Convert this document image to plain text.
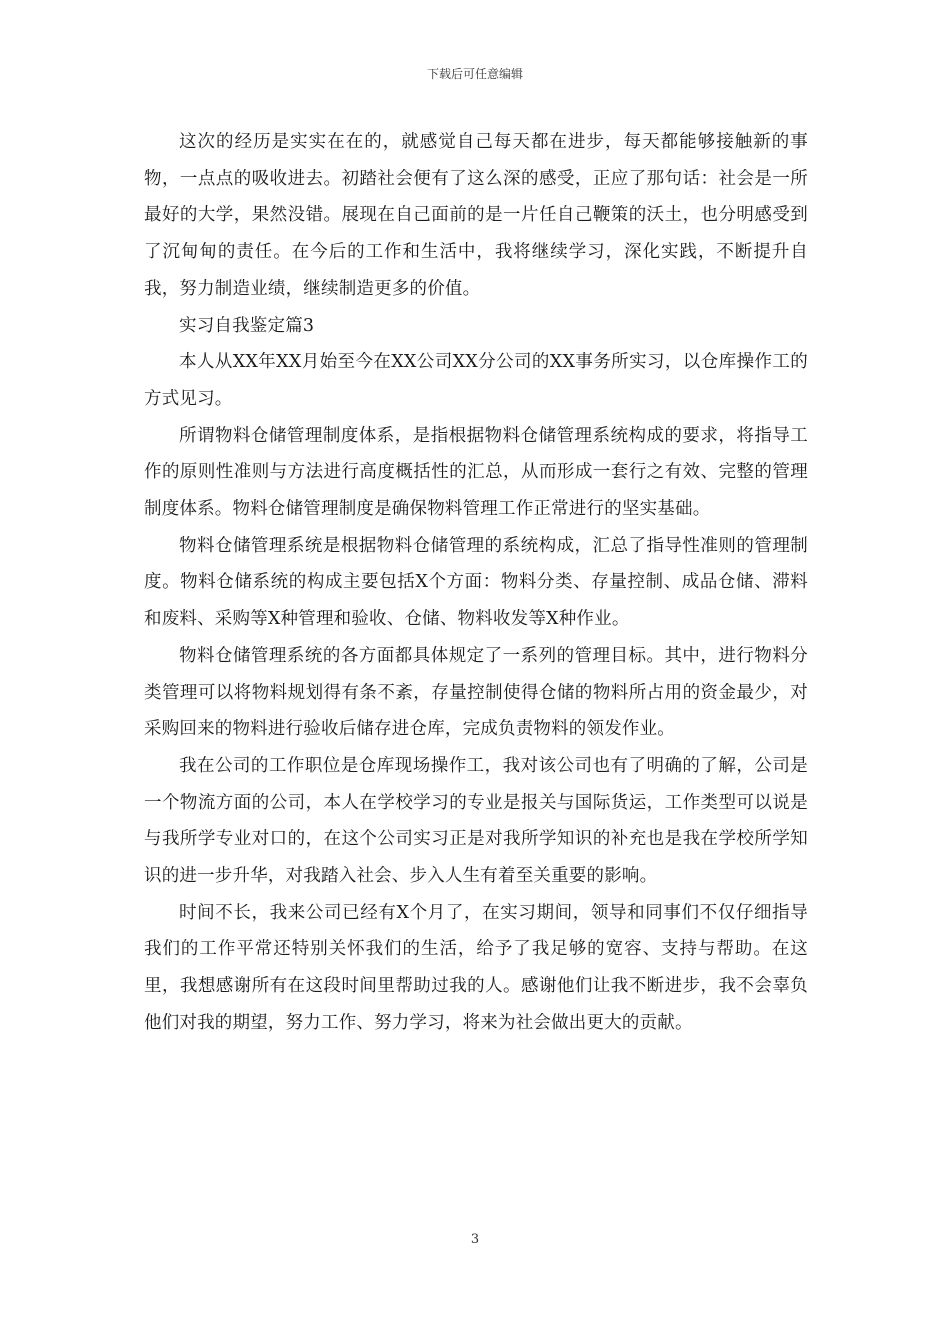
下载后可任意编辑

这次的经历是实实在在的，就感觉自己每天都在进步，每天都能够接触新的事物，一点点的吸收进去。初踏社会便有了这么深的感受，正应了那句话：社会是一所最好的大学，果然没错。展现在自己面前的是一片任自己鞭策的沃土，也分明感受到了沉甸甸的责任。在今后的工作和生活中，我将继续学习，深化实践，不断提升自我，努力制造业绩，继续制造更多的价值。

实习自我鉴定篇3

本人从XX年XX月始至今在XX公司XX分公司的XX事务所实习，以仓库操作工的方式见习。

所谓物料仓储管理制度体系，是指根据物料仓储管理系统构成的要求，将指导工作的原则性准则与方法进行高度概括性的汇总，从而形成一套行之有效、完整的管理制度体系。物料仓储管理制度是确保物料管理工作正常进行的坚实基础。

物料仓储管理系统是根据物料仓储管理的系统构成，汇总了指导性准则的管理制度。物料仓储系统的构成主要包括X个方面：物料分类、存量控制、成品仓储、滞料和废料、采购等X种管理和验收、仓储、物料收发等X种作业。

物料仓储管理系统的各方面都具体规定了一系列的管理目标。其中，进行物料分类管理可以将物料规划得有条不紊，存量控制使得仓储的物料所占用的资金最少，对采购回来的物料进行验收后储存进仓库，完成负责物料的领发作业。

我在公司的工作职位是仓库现场操作工，我对该公司也有了明确的了解，公司是一个物流方面的公司，本人在学校学习的专业是报关与国际货运，工作类型可以说是与我所学专业对口的，在这个公司实习正是对我所学知识的补充也是我在学校所学知识的进一步升华，对我踏入社会、步入人生有着至关重要的影响。

时间不长，我来公司已经有X个月了，在实习期间，领导和同事们不仅仔细指导我们的工作平常还特别关怀我们的生活，给予了我足够的宽容、支持与帮助。在这里，我想感谢所有在这段时间里帮助过我的人。感谢他们让我不断进步，我不会辜负他们对我的期望，努力工作、努力学习，将来为社会做出更大的贡献。

3
